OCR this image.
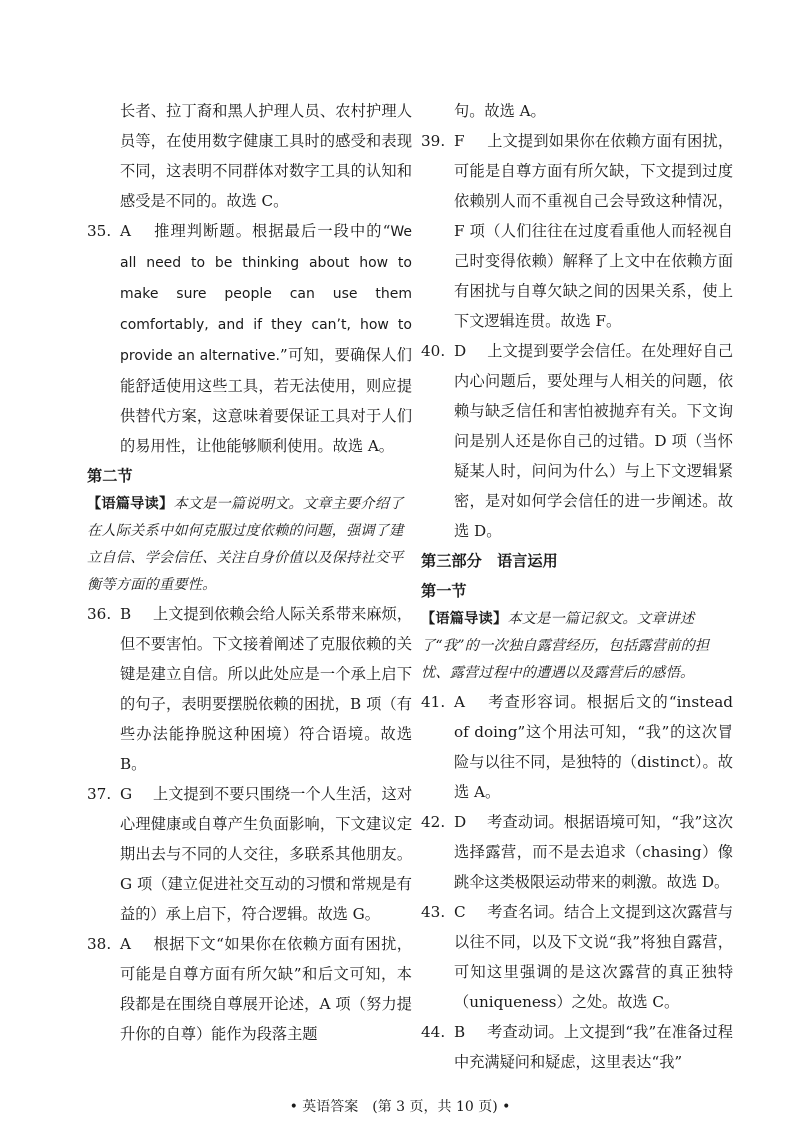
长者、拉丁裔和黑人护理人员、农村护理人员等，在使用数字健康工具时的感受和表现不同，这表明不同群体对数字工具的认知和感受是不同的。故选 C。

35. A 推理判断题。根据最后一段中的“We all need to be thinking about how to make sure people can use them comfortably, and if they can’t, how to provide an alternative.”可知，要确保人们能舒适使用这些工具，若无法使用，则应提供替代方案，这意味着要保证工具对于人们的易用性，让他能够顺利使用。故选 A。

第二节

【语篇导读】本文是一篇说明文。文章主要介绍了在人际关系中如何克服过度依赖的问题，强调了建立自信、学会信任、关注自身价值以及保持社交平衡等方面的重要性。

36. B 上文提到依赖会给人际关系带来麻烦，但不要害怕。下文接着阐述了克服依赖的关键是建立自信。所以此处应是一个承上启下的句子，表明要摆脱依赖的困扰，B 项（有些办法能挣脱这种困境）符合语境。故选 B。
37. G 上文提到不要只围绕一个人生活，这对心理健康或自尊产生负面影响，下文建议定期出去与不同的人交往，多联系其他朋友。G 项（建立促进社交互动的习惯和常规是有益的）承上启下，符合逻辑。故选 G。
38. A 根据下文“如果你在依赖方面有困扰，可能是自尊方面有所欠缺”和后文可知，本段都是在围绕自尊展开论述，A 项（努力提升你的自尊）能作为段落主题

句。故选 A。

39. F 上文提到如果你在依赖方面有困扰，可能是自尊方面有所欠缺，下文提到过度依赖别人而不重视自己会导致这种情况，F 项（人们往往在过度看重他人而轻视自己时变得依赖）解释了上文中在依赖方面有困扰与自尊欠缺之间的因果关系，使上下文逻辑连贯。故选 F。
40. D 上文提到要学会信任。在处理好自己内心问题后，要处理与人相关的问题，依赖与缺乏信任和害怕被抛弃有关。下文询问是别人还是你自己的过错。D 项（当怀疑某人时，问问为什么）与上下文逻辑紧密，是对如何学会信任的进一步阐述。故选 D。

第三部分　语言运用

第一节

【语篇导读】本文是一篇记叙文。文章讲述了“我”的一次独自露营经历，包括露营前的担忧、露营过程中的遭遇以及露营后的感悟。

41. A 考查形容词。根据后文的“instead of doing”这个用法可知，“我”的这次冒险与以往不同，是独特的（distinct）。故选 A。
42. D 考查动词。根据语境可知，“我”这次选择露营，而不是去追求（chasing）像跳伞这类极限运动带来的刺激。故选 D。
43. C 考查名词。结合上文提到这次露营与以往不同，以及下文说“我”将独自露营，可知这里强调的是这次露营的真正独特（uniqueness）之处。故选 C。
44. B 考查动词。上文提到“我”在准备过程中充满疑问和疑虑，这里表达“我”
• 英语答案　(第 3 页，共 10 页) •
